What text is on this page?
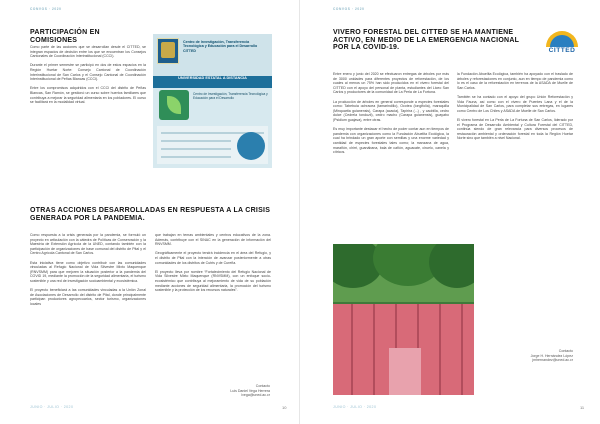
CONVOS · 2020
PARTICIPACIÓN EN COMISIONES

Como parte de las acciones que se desarrollan desde el CITTED, se integran espacios de decisión entre los que se encuentran los Consejos Cantonales de Coordinación Interinstitucional (CCCI).

Durante el primer semestre se participó en dos de estos espacios en la Región Huetar Norte: Consejo Cantonal de Coordinación Interinstitucional de San Carlos y el Consejo Cantonal de Coordinación Interinstitucional de Peñas Blancas (CCCI).

Entre los compromisos adquiridos con el CCCI del distrito de Peñas Blancas, San Ramón, se gestionó un curso sobre huertos familiares que contribuya a mejorar la seguridad alimentaria en los pobladores. El curso se facilitará en la modalidad virtual.

Centro de Investigación, Transferencia Tecnológica y Educación para el Desarrollo CITTED
UNIVERSIDAD ESTATAL A DISTANCIA
Centro de Investigación, Transferencia Tecnológica y Educación para el Desarrollo
OTRAS ACCIONES DESARROLLADAS EN RESPUESTA A LA CRISIS GENERADA POR LA PANDEMIA.

Como respuesta a la crisis generada por la pandemia, se formuló un proyecto en articulación con la cátedra de Políticas de Conservación y la Maestría de Extensión Agrícola de la UNED, contando también con la participación de organizaciones de base comunal del distrito de Pital y el Centro Agrícola Cantonal de San Carlos.

Esta iniciativa tiene como objetivo contribuir con las comunidades vinculadas al Refugio Nacional de Vida Silvestre Mixto Maquenque (RNVSMM) para que mejoren la situación posterior a la pandemia del COVID 19, mediante la promoción de la seguridad alimentaria, el turismo sostenible y una red de investigación socioambiental y ecosistémica.

El proyecto beneficiará a las comunidades vinculadas a la Unión Zonal de Asociaciones de Desarrollo del distrito de Pital, donde principalmente participan productores agropecuarios, sector turismo, organizaciones locales

que trabajan en temas ambientales y centros educativos de la zona. Además, contribuye con el SINAC en la generación de información del RNVSMM.

Geográficamente el proyecto tendrá incidencia en el área del Refugio, y el distrito de Pital con la intención de avanzar posteriormente a otras comunidades de los distritos de Cutris y de Cureña.

El proyecto lleva por nombre “Fortalecimiento del Refugio Nacional de Vida Silvestre Mixto Maquenque (RNVSMM), con un enfoque socio-ecosistémico que contribuya al mejoramiento de vida de su población mediante acciones de seguridad alimentaria, la promoción del turismo sostenible y la protección de los recursos naturales”.

Contacto
Luis Daniel Vega Herrera
lvega@uned.ac.cr
JUNIO · JULIO · 2020	10
CONVOS · 2020
VIVERO FORESTAL DEL CITTED SE HA MANTIENE ACTIVO, EN MEDIO DE LA EMERGENCIA NACIONAL POR LA COVID-19.

Entre enero y junio del 2020 se efectuaron entregas de árboles por más de 3000 unidades para diferentes proyectos de reforestación, de los cuales al menos un 75% han sido producidos en el vivero forestal del CITTED con el apoyo del personal de planta, estudiantes del Liceo San Carlos y productores de la comunidad de La Perla de La Fortuna.

La producción de árboles en general corresponde a especies forestales como: Tabebuia ochracea (tamarindillo), Ocotea (longifolia), maraquilla (Minquartia guianensis), Carapa (acacia), Tapirira (...) , y caobilla, cedro dulce (Cedrela tonduzii), cedro macho (Carapa guianensis), guayabo (Psidium guajava), entre otras.

Es muy importante destacar el hecho de poder contar aun en tiempos de pandemia con organizaciones como la Fundación Abuelita Ecológica, la cual ha brindado un gran aporte con semillas y una enorme variedad y cantidad de especies forestales tales como; la manzana de agua, marañón, chirri, guanábana, bala de cañón, aguacate, ciruelo, canela y cítricos.

la Fundación Abuelita Ecológica, también ha apoyado con el traslado de árboles y reforestaciones en conjunto, aun en tiempo de pandemia como lo es el caso de la reforestación en terrenos de la ASADA de Muelle de San Carlos.

También se ha contado con el apoyo del grupo Unión Reforestación y Vida Fauna, así como con el vivero de Puentes Lana y el de la Municipalidad de San Carlos, para completar sus entregas, en lugares como Centro de Los Chiles y ASADA de Muelle de San Carlos.

El vivero forestal en La Perla de La Fortuna de San Carlos, liderado por el Programa de Desarrollo Ambiental y Cultura Forestal del CITTED, continúa siendo de gran relevancia para diversos procesos de restauración ambiental y ordenación forestal en toda la Región Huetar Norte sino que también a nivel Nacional.

CITTED
Contacto
Jorge H. Hernández López
jmhernandez@uned.ac.cr
JUNIO · JULIO · 2020	11
